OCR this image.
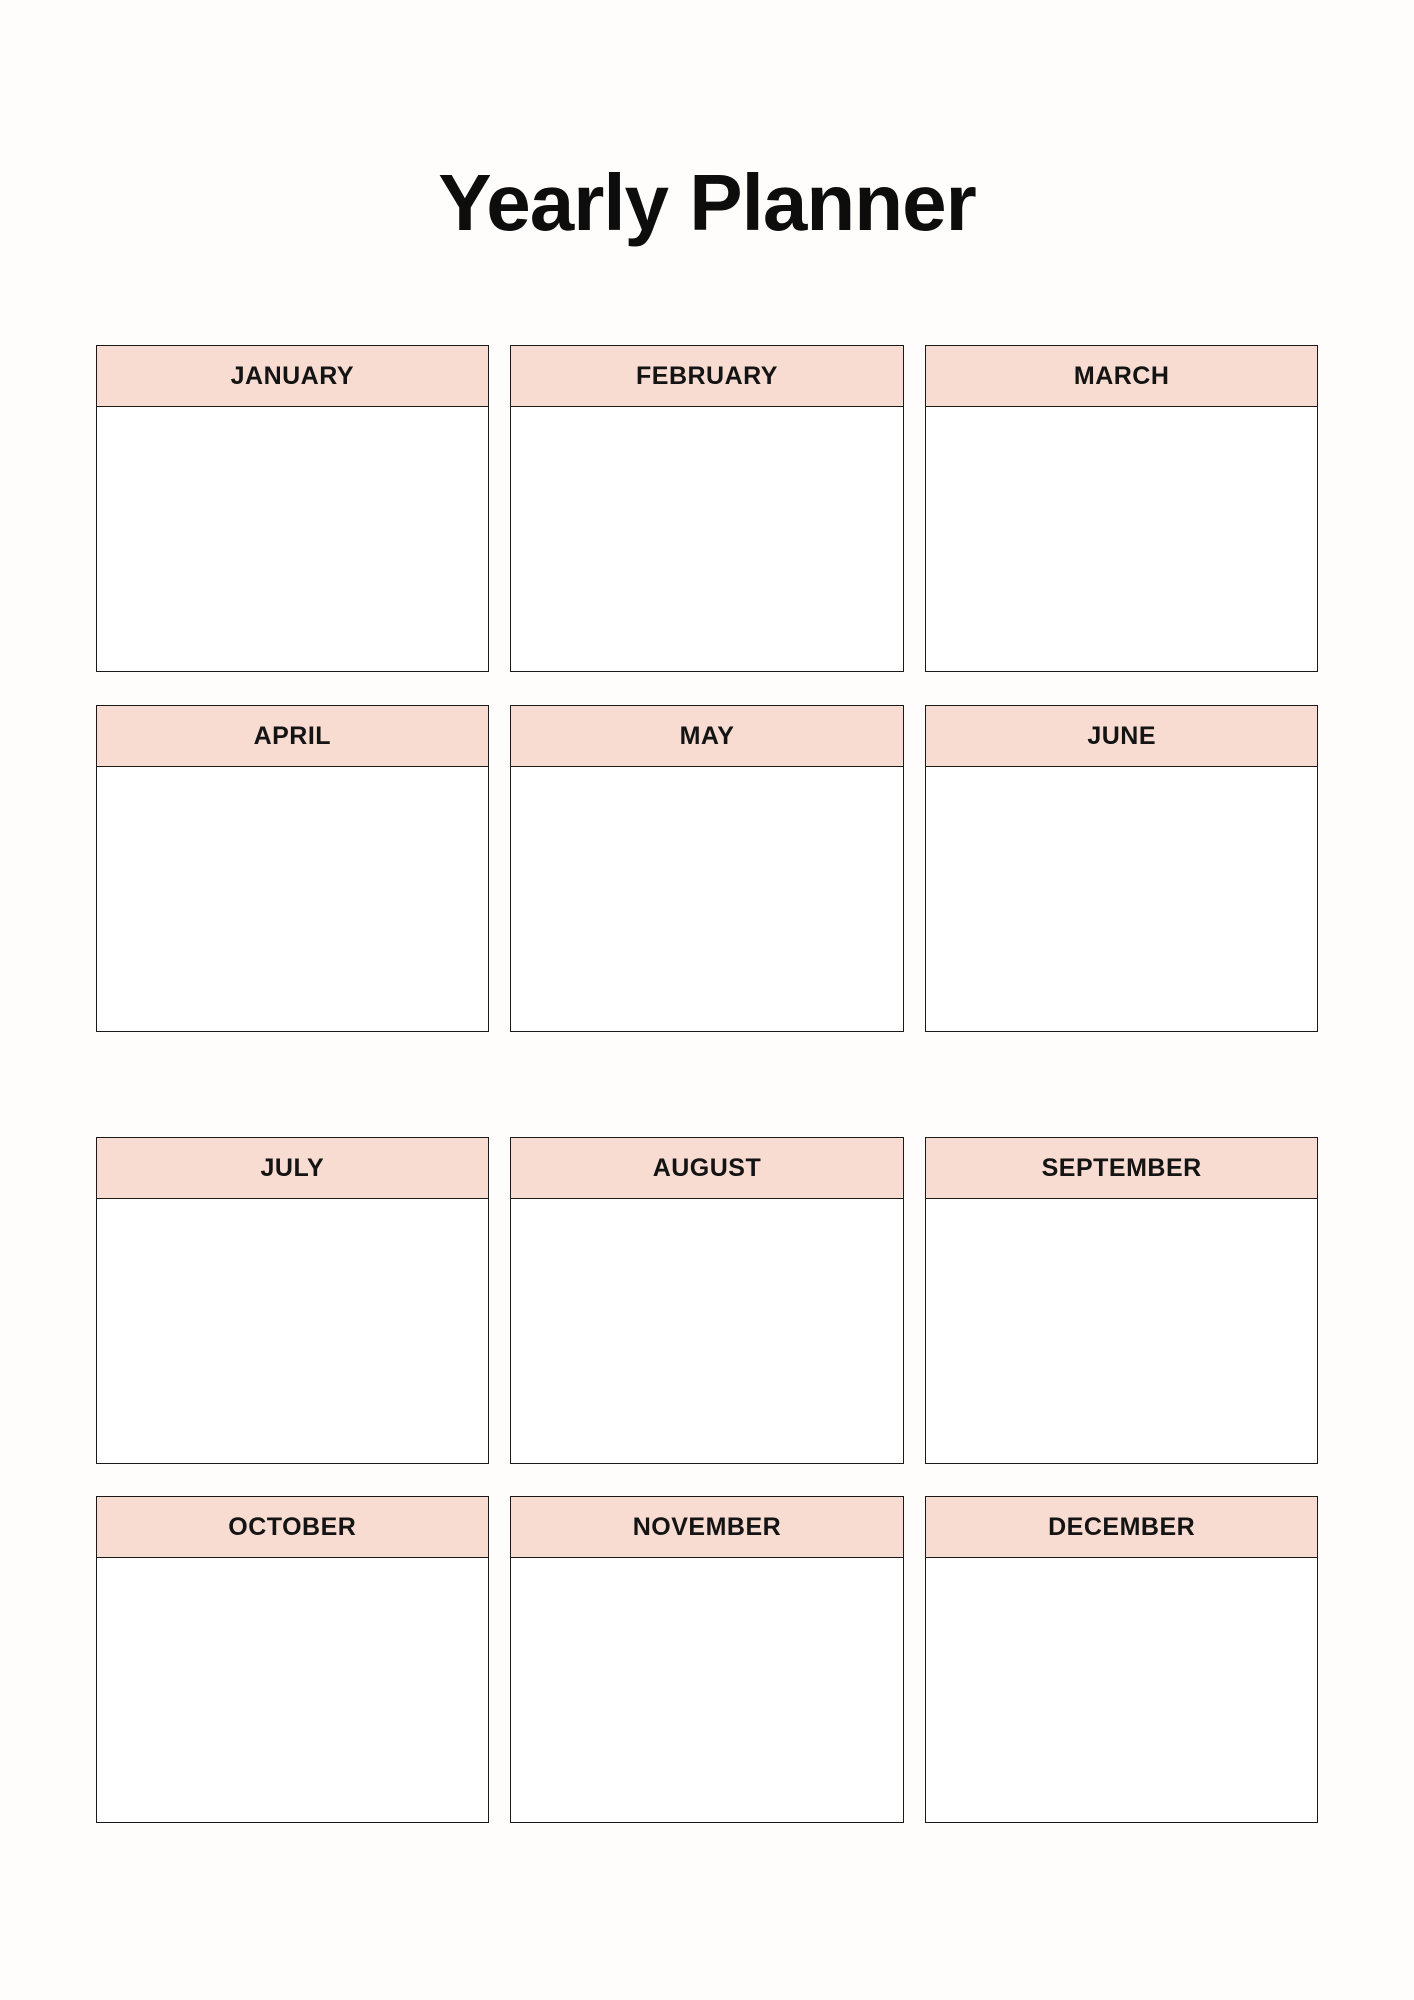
Yearly Planner
JANUARY	FEBRUARY	MARCH
APRIL	MAY	JUNE
JULY	AUGUST	SEPTEMBER
OCTOBER	NOVEMBER	DECEMBER
